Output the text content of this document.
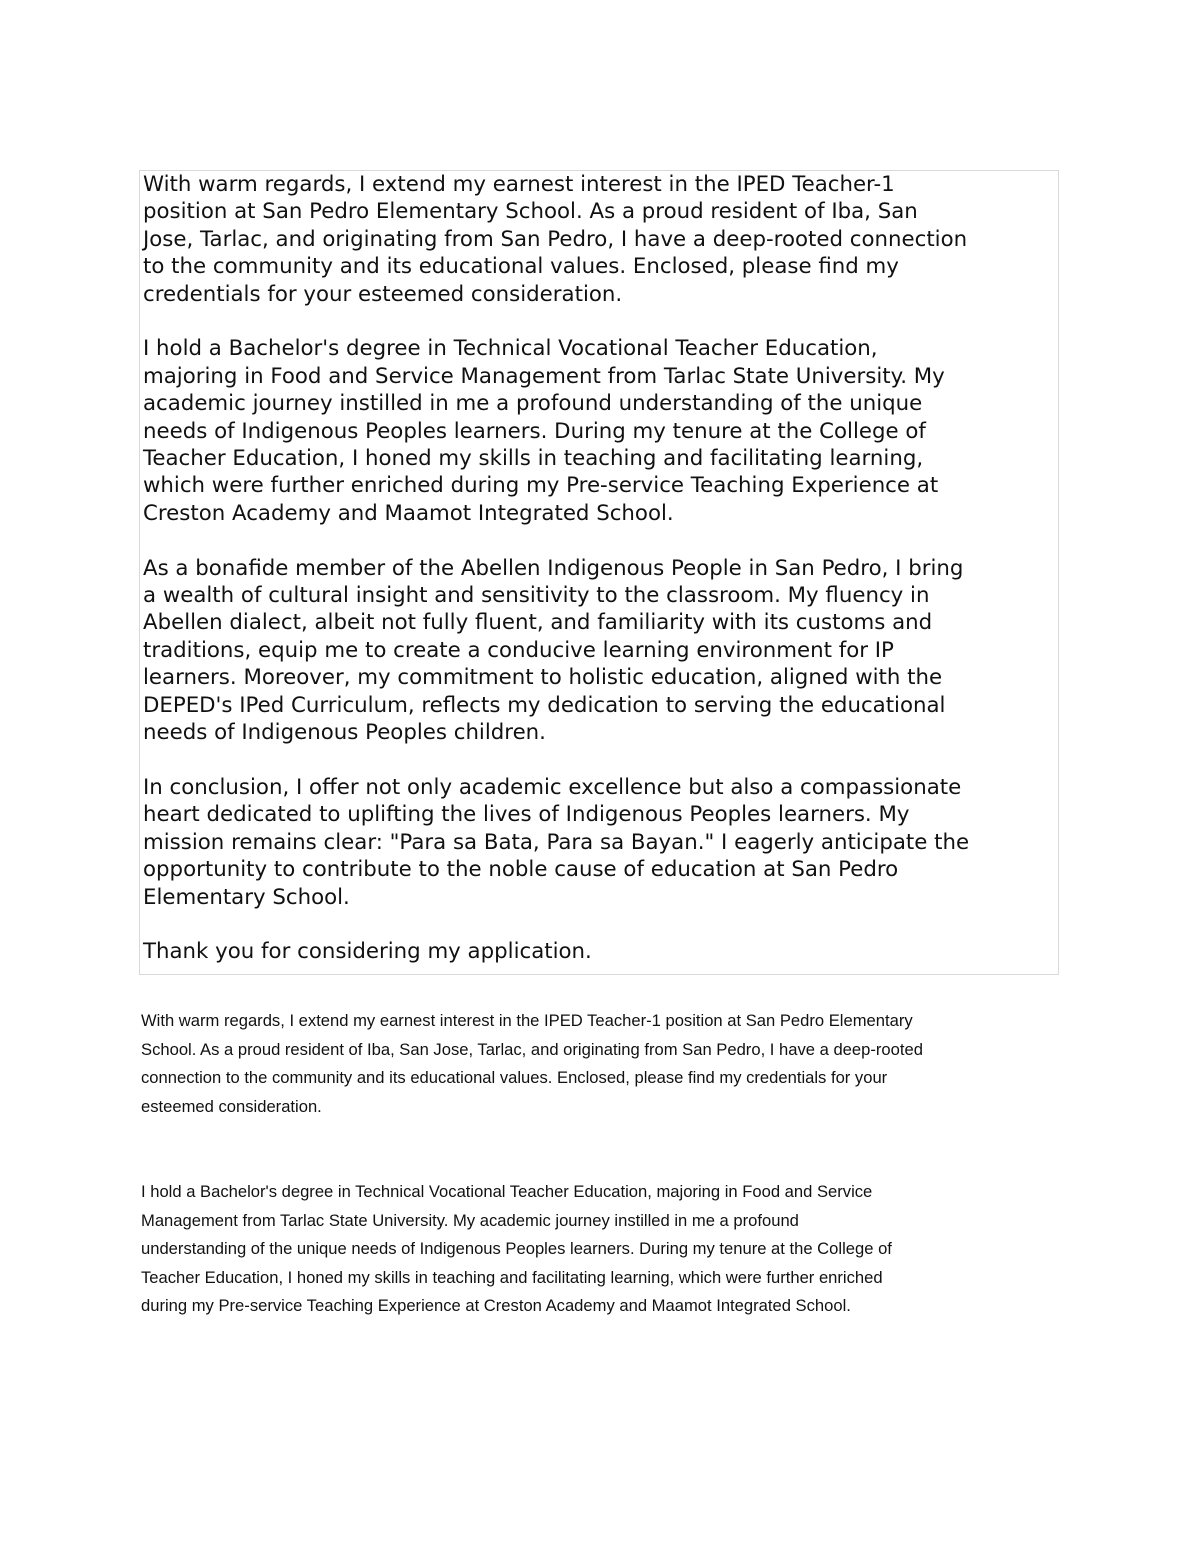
With warm regards, I extend my earnest interest in the IPED Teacher-1
position at San Pedro Elementary School. As a proud resident of Iba, San
Jose, Tarlac, and originating from San Pedro, I have a deep-rooted connection
to the community and its educational values. Enclosed, please find my
credentials for your esteemed consideration.

I hold a Bachelor's degree in Technical Vocational Teacher Education,
majoring in Food and Service Management from Tarlac State University. My
academic journey instilled in me a profound understanding of the unique
needs of Indigenous Peoples learners. During my tenure at the College of
Teacher Education, I honed my skills in teaching and facilitating learning,
which were further enriched during my Pre-service Teaching Experience at
Creston Academy and Maamot Integrated School.

As a bonafide member of the Abellen Indigenous People in San Pedro, I bring
a wealth of cultural insight and sensitivity to the classroom. My fluency in
Abellen dialect, albeit not fully fluent, and familiarity with its customs and
traditions, equip me to create a conducive learning environment for IP
learners. Moreover, my commitment to holistic education, aligned with the
DEPED's IPed Curriculum, reflects my dedication to serving the educational
needs of Indigenous Peoples children.

In conclusion, I offer not only academic excellence but also a compassionate
heart dedicated to uplifting the lives of Indigenous Peoples learners. My
mission remains clear: "Para sa Bata, Para sa Bayan." I eagerly anticipate the
opportunity to contribute to the noble cause of education at San Pedro
Elementary School.

Thank you for considering my application.

With warm regards, I extend my earnest interest in the IPED Teacher-1 position at San Pedro Elementary
School. As a proud resident of Iba, San Jose, Tarlac, and originating from San Pedro, I have a deep-rooted
connection to the community and its educational values. Enclosed, please find my credentials for your
esteemed consideration.

I hold a Bachelor's degree in Technical Vocational Teacher Education, majoring in Food and Service
Management from Tarlac State University. My academic journey instilled in me a profound
understanding of the unique needs of Indigenous Peoples learners. During my tenure at the College of
Teacher Education, I honed my skills in teaching and facilitating learning, which were further enriched
during my Pre-service Teaching Experience at Creston Academy and Maamot Integrated School.
